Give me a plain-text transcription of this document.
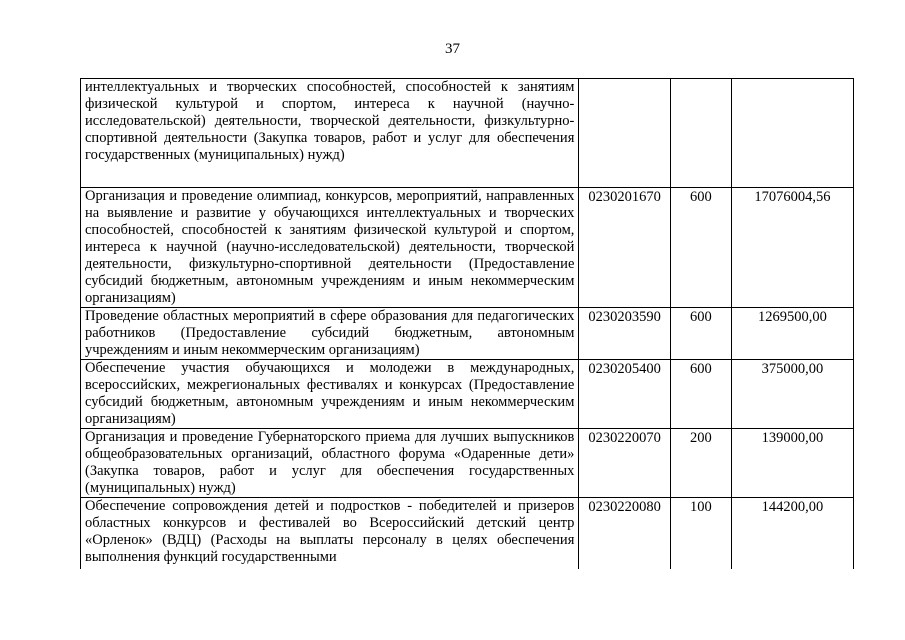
37
интеллектуальных и творческих способностей, способностей к занятиям физической культурой и спортом, интереса к научной (научно-исследовательской) деятельности, творческой деятельности, физкультурно-спортивной деятельности (Закупка товаров, работ и услуг для обеспечения государственных (муниципальных) нужд)			
Организация и проведение олимпиад, конкурсов, мероприятий, направленных на выявление и развитие у обучающихся интеллектуальных и творческих способностей, способностей к занятиям физической культурой и спортом, интереса к научной (научно-исследовательской) деятельности, творческой деятельности, физкультурно-спортивной деятельности (Предоставление субсидий бюджетным, автономным учреждениям и иным некоммерческим организациям)	0230201670	600	17076004,56
Проведение областных мероприятий в сфере образования для педагогических работников (Предоставление субсидий бюджетным, автономным учреждениям и иным некоммерческим организациям)	0230203590	600	1269500,00
Обеспечение участия обучающихся и молодежи в международных, всероссийских, межрегиональных фестивалях и конкурсах (Предоставление субсидий бюджетным, автономным учреждениям и иным некоммерческим организациям)	0230205400	600	375000,00
Организация и проведение Губернаторского приема для лучших выпускников общеобразовательных организаций, областного форума «Одаренные дети» (Закупка товаров, работ и услуг для обеспечения государственных (муниципальных) нужд)	0230220070	200	139000,00
Обеспечение сопровождения детей и подростков - победителей и призеров областных конкурсов и фестивалей во Всероссийский детский центр «Орленок» (ВДЦ) (Расходы на выплаты персоналу в целях обеспечения выполнения функций государственными	0230220080	100	144200,00
